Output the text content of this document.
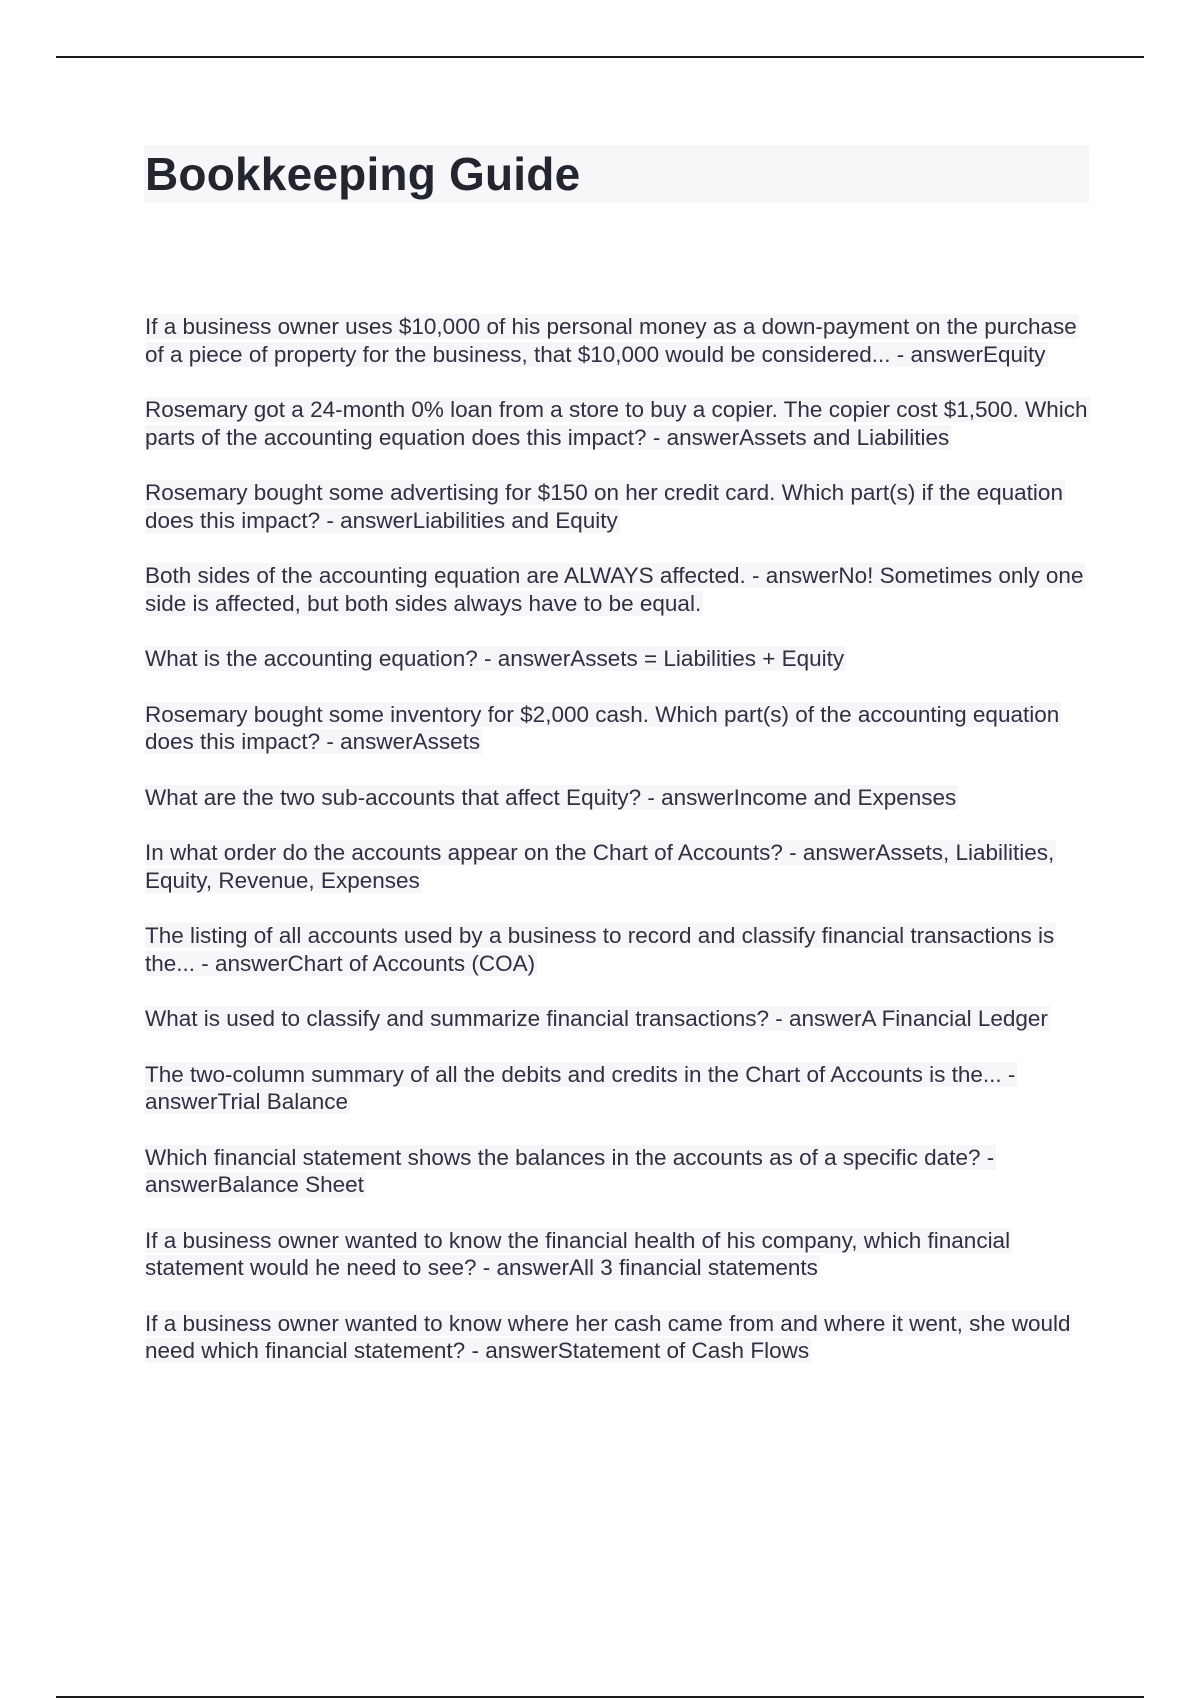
Bookkeeping Guide

If a business owner uses $10,000 of his personal money as a down-payment on the purchase of a piece of property for the business, that $10,000 would be considered... - answerEquity

Rosemary got a 24-month 0% loan from a store to buy a copier. The copier cost $1,500. Which parts of the accounting equation does this impact? - answerAssets and Liabilities

Rosemary bought some advertising for $150 on her credit card. Which part(s) if the equation does this impact? - answerLiabilities and Equity

Both sides of the accounting equation are ALWAYS affected. - answerNo! Sometimes only one side is affected, but both sides always have to be equal.

What is the accounting equation? - answerAssets = Liabilities + Equity

Rosemary bought some inventory for $2,000 cash. Which part(s) of the accounting equation does this impact? - answerAssets

What are the two sub-accounts that affect Equity? - answerIncome and Expenses

In what order do the accounts appear on the Chart of Accounts? - answerAssets, Liabilities, Equity, Revenue, Expenses

The listing of all accounts used by a business to record and classify financial transactions is the... - answerChart of Accounts (COA)

What is used to classify and summarize financial transactions? - answerA Financial Ledger

The two-column summary of all the debits and credits in the Chart of Accounts is the... - answerTrial Balance

Which financial statement shows the balances in the accounts as of a specific date? - answerBalance Sheet

If a business owner wanted to know the financial health of his company, which financial statement would he need to see? - answerAll 3 financial statements

If a business owner wanted to know where her cash came from and where it went, she would need which financial statement? - answerStatement of Cash Flows
